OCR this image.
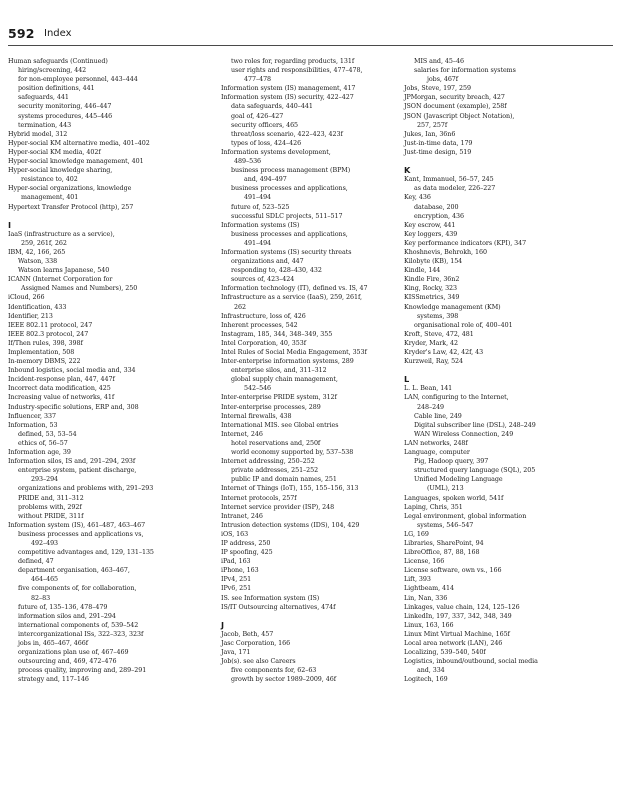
592 Index
Human safeguards (Continued)
hiring/screening, 442
for non-employee personnel, 443–444
position definitions, 441
safeguards, 441
security monitoring, 446–447
systems procedures, 445–446
termination, 443
Hybrid model, 312
Hyper-social KM alternative media, 401–402
Hyper-social KM media, 402f
Hyper-social knowledge management, 401
Hyper-social knowledge sharing,
resistance to, 402
Hyper-social organizations, knowledge
management, 401
Hypertext Transfer Protocol (http), 257
I
IaaS (infrastructure as a service),
259, 261f, 262
IBM, 42, 166, 265
Watson, 338
Watson learns Japanese, 540
ICANN (Internet Corporation for
Assigned Names and Numbers), 250
iCloud, 266
Identification, 433
Identifier, 213
IEEE 802.11 protocol, 247
IEEE 802.3 protocol, 247
If/Then rules, 398, 398f
Implementation, 508
In-memory DBMS, 222
Inbound logistics, social media and, 334
Incident-response plan, 447, 447f
Incorrect data modification, 425
Increasing value of networks, 41f
Industry-specific solutions, ERP and, 308
Influencer, 337
Information, 53
defined, 53, 53–54
ethics of, 56–57
Information age, 39
Information silos, IS and, 291–294, 293f
enterprise system, patient discharge,
293–294
organizations and problems with, 291–293
PRIDE and, 311–312
problems with, 292f
without PRIDE, 311f
Information system (IS), 461–487, 463–467
business processes and applications vs,
492–493
competitive advantages and, 129, 131–135
defined, 47
department organisation, 463–467,
464–465
five components of, for collaboration,
82–83
future of, 135–136, 478–479
information silos and, 291–294
international components of, 539–542
intercorganizational ISs, 322–323, 323f
jobs in, 465–467, 466f
organizations plan use of, 467–469
outsourcing and, 469, 472–476
process quality, improving and, 289–291
strategy and, 117–146
two roles for, regarding products, 131f
user rights and responsibilities, 477–478,
477–478
Information system (IS) management, 417
Information system (IS) security, 422–427
data safeguards, 440–441
goal of, 426–427
security officers, 465
threat/loss scenario, 422–423, 423f
types of loss, 424–426
Information systems development,
489–536
business process management (BPM)
and, 494–497
business processes and applications,
491–494
future of, 523–525
successful SDLC projects, 511–517
Information systems (IS)
business processes and applications,
491–494
Information systems (IS) security threats
organizations and, 447
responding to, 428–430, 432
sources of, 423–424
Information technology (IT), defined vs. IS, 47
Infrastructure as a service (IaaS), 259, 261f,
262
Infrastructure, loss of, 426
Inherent processes, 542
Instagram, 185, 344, 348–349, 355
Intel Corporation, 40, 353f
Intel Rules of Social Media Engagement, 353f
Inter-enterprise information systems, 289
enterprise silos, and, 311–312
global supply chain management,
542–546
Inter-enterprise PRIDE system, 312f
Inter-enterprise processes, 289
Internal firewalls, 438
International MIS. see Global entries
Internet, 246
hotel reservations and, 250f
world economy supported by, 537–538
Internet addressing, 250–252
private addresses, 251–252
public IP and domain names, 251
Internet of Things (IoT), 155, 155–156, 313
Internet protocols, 257f
Internet service provider (ISP), 248
Intranet, 246
Intrusion detection systems (IDS), 104, 429
iOS, 163
IP address, 250
IP spoofing, 425
iPad, 163
iPhone, 163
IPv4, 251
IPv6, 251
IS. see Information system (IS)
IS/IT Outsourcing alternatives, 474f
J
Jacob, Beth, 457
Jasc Corporation, 166
Java, 171
Job(s). see also Careers
five components for, 62–63
growth by sector 1989–2009, 46f
MIS and, 45–46
salaries for information systems
jobs, 467f
Jobs, Steve, 197, 259
JPMorgan, security breach, 427
JSON document (example), 258f
JSON (Javascript Object Notation),
257, 257f
Jukes, Ian, 36n6
Just-in-time data, 179
Just-time design, 519
K
Kant, Immanuel, 56–57, 245
as data modeler, 226–227
Key, 436
database, 200
encryption, 436
Key escrow, 441
Key loggers, 439
Key performance indicators (KPI), 347
Khoshnevis, Behrokh, 160
Kilobyte (KB), 154
Kindle, 144
Kindle Fire, 36n2
King, Rocky, 323
KISSmetrics, 349
Knowledge management (KM)
systems, 398
organisational role of, 400–401
Kroft, Steve, 472, 481
Kryder, Mark, 42
Kryder's Law, 42, 42f, 43
Kurzweil, Ray, 524
L
L. L. Bean, 141
LAN, configuring to the Internet,
248–249
Cable line, 249
Digital subscriber line (DSL), 248–249
WAN Wireless Connection, 249
LAN networks, 248f
Language, computer
Pig, Hadoop query, 397
structured query language (SQL), 205
Unified Modeling Language
(UML), 213
Languages, spoken world, 541f
Laping, Chris, 351
Legal environment, global information
systems, 546–547
LG, 169
Libraries, SharePoint, 94
LibreOffice, 87, 88, 168
License, 166
License software, own vs., 166
Lift, 393
Lightbeam, 414
Lin, Nan, 336
Linkages, value chain, 124, 125–126
LinkedIn, 197, 337, 342, 348, 349
Linux, 163, 166
Linux Mint Virtual Machine, 165f
Local area network (LAN), 246
Localizing, 539–540, 540f
Logistics, inbound/outbound, social media
and, 334
Logitech, 169
